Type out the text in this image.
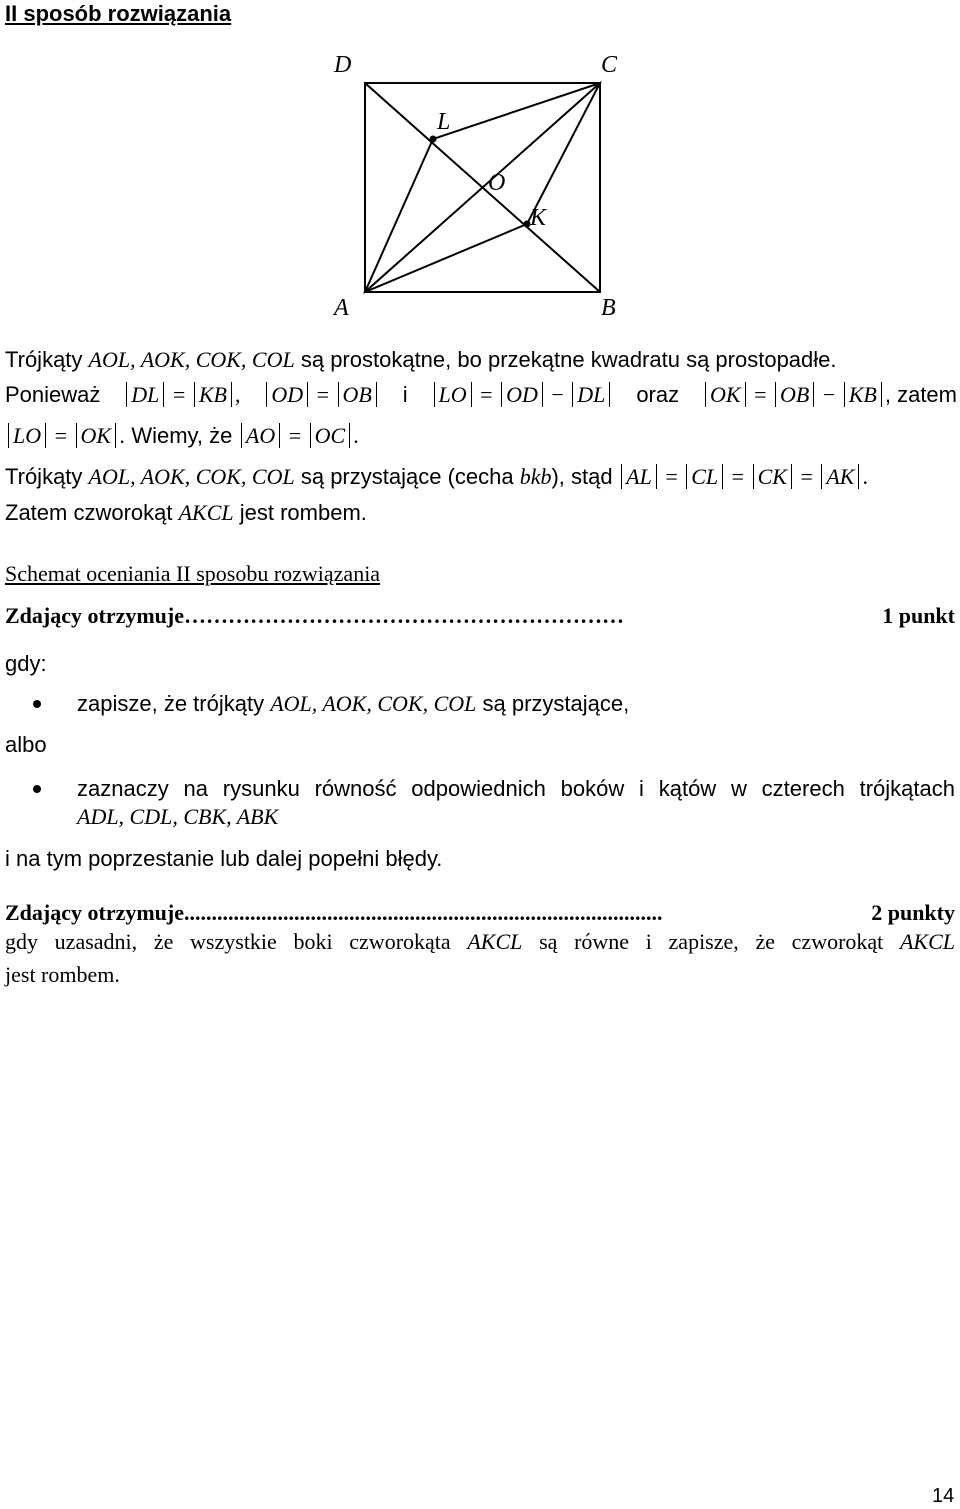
II sposób rozwiązania
D	C
L
O
K
A	B
Trójkąty AOL, AOK, COK, COL są prostokątne, bo przekątne kwadratu są prostopadłe.
Ponieważ	DL = KB ,	OD = OB	i	LO = OD − DL	oraz	OK = OB − KB , zatem
LO = OK . Wiemy, że AO = OC .
Trójkąty AOL, AOK, COK, COL są przystające (cecha bkb), stąd AL = CL = CK = AK .
Zatem czworokąt AKCL jest rombem.
Schemat oceniania II sposobu rozwiązania
Zdający otrzymuje ……………………………………………………	1 punkt
gdy:
zapisze, że trójkąty AOL, AOK, COK, COL są przystające,
albo
zaznaczy na rysunku równość odpowiednich boków i kątów w czterech trójkątach
ADL, CDL, CBK, ABK
i na tym poprzestanie lub dalej popełni błędy.
Zdający otrzymuje .......................................................................................	2 punkty
gdy uzasadni, że wszystkie boki czworokąta AKCL są równe i zapisze, że czworokąt AKCL
jest rombem.
14
